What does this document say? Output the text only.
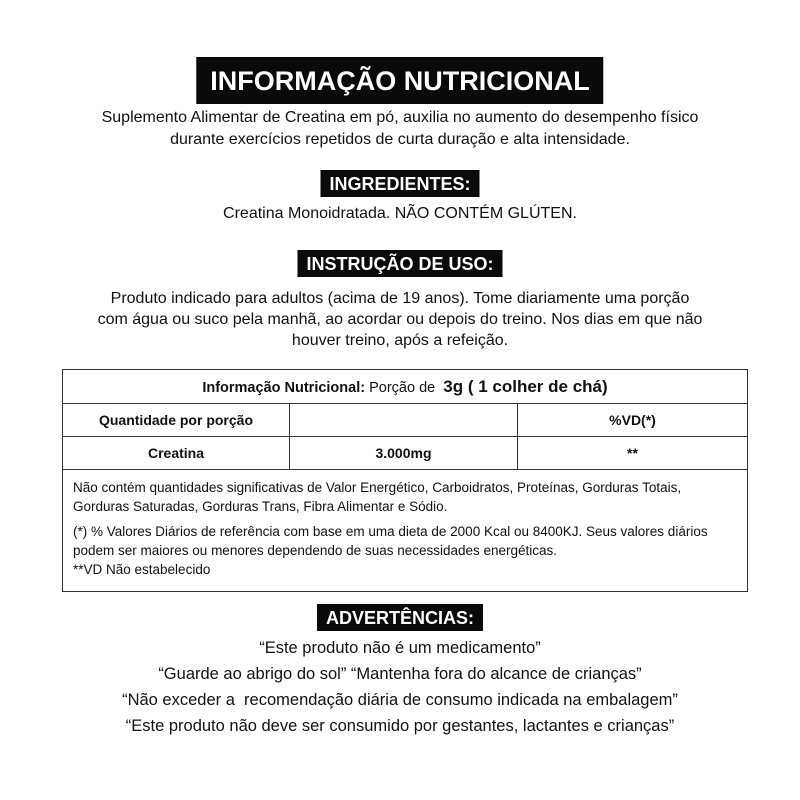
INFORMAÇÃO NUTRICIONAL
Suplemento Alimentar de Creatina em pó, auxilia no aumento do desempenho físico
durante exercícios repetidos de curta duração e alta intensidade.
INGREDIENTES:
Creatina Monoidratada. NÃO CONTÉM GLÚTEN.
INSTRUÇÃO DE USO:
Produto indicado para adultos (acima de 19 anos). Tome diariamente uma porção
com água ou suco pela manhã, ao acordar ou depois do treino. Nos dias em que não
houver treino, após a refeição.
Informação Nutricional: Porção de  3g ( 1 colher de chá)		
Quantidade por porção		%VD(*)
Creatina	3.000mg	**

Não contém quantidades significativas de Valor Energético, Carboidratos, Proteínas, Gorduras Totais, Gorduras Saturadas, Gorduras Trans, Fibra Alimentar e Sódio.

(*) % Valores Diários de referência com base em uma dieta de 2000 Kcal ou 8400KJ. Seus valores diários podem ser maiores ou menores dependendo de suas necessidades energéticas.

**VD Não estabelecido		

ADVERTÊNCIAS:
“Este produto não é um medicamento”
“Guarde ao abrigo do sol” “Mantenha fora do alcance de crianças”
“Não exceder a  recomendação diária de consumo indicada na embalagem”
“Este produto não deve ser consumido por gestantes, lactantes e crianças”
